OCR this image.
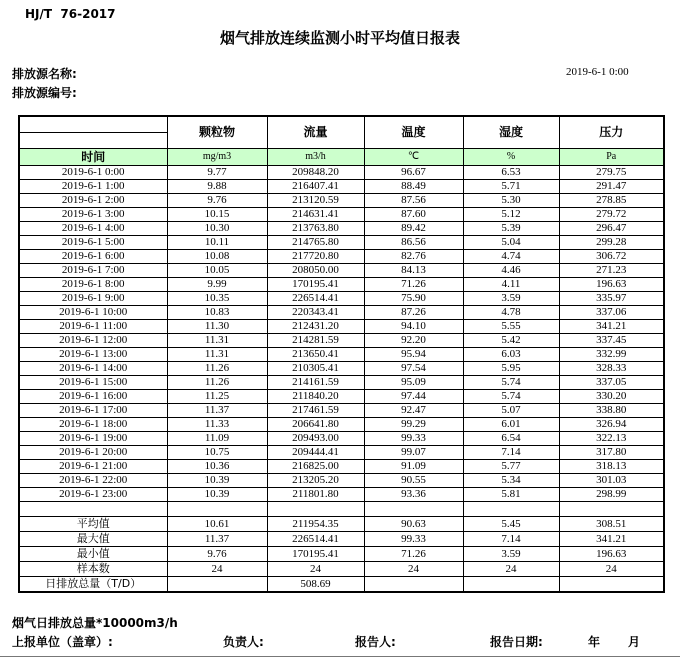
HJ/T  76-2017
烟气排放连续监测小时平均值日报表
排放源名称:	2019-6-1 0:00
排放源编号:
	颗粒物	流量	温度	湿度	压力

时间	mg/m3	m3/h	℃	%	Pa
2019-6-1 0:00	9.77	209848.20	96.67	6.53	279.75
2019-6-1 1:00	9.88	216407.41	88.49	5.71	291.47
2019-6-1 2:00	9.76	213120.59	87.56	5.30	278.85
2019-6-1 3:00	10.15	214631.41	87.60	5.12	279.72
2019-6-1 4:00	10.30	213763.80	89.42	5.39	296.47
2019-6-1 5:00	10.11	214765.80	86.56	5.04	299.28
2019-6-1 6:00	10.08	217720.80	82.76	4.74	306.72
2019-6-1 7:00	10.05	208050.00	84.13	4.46	271.23
2019-6-1 8:00	9.99	170195.41	71.26	4.11	196.63
2019-6-1 9:00	10.35	226514.41	75.90	3.59	335.97
2019-6-1 10:00	10.83	220343.41	87.26	4.78	337.06
2019-6-1 11:00	11.30	212431.20	94.10	5.55	341.21
2019-6-1 12:00	11.31	214281.59	92.20	5.42	337.45
2019-6-1 13:00	11.31	213650.41	95.94	6.03	332.99
2019-6-1 14:00	11.26	210305.41	97.54	5.95	328.33
2019-6-1 15:00	11.26	214161.59	95.09	5.74	337.05
2019-6-1 16:00	11.25	211840.20	97.44	5.74	330.20
2019-6-1 17:00	11.37	217461.59	92.47	5.07	338.80
2019-6-1 18:00	11.33	206641.80	99.29	6.01	326.94
2019-6-1 19:00	11.09	209493.00	99.33	6.54	322.13
2019-6-1 20:00	10.75	209444.41	99.07	7.14	317.80
2019-6-1 21:00	10.36	216825.00	91.09	5.77	318.13
2019-6-1 22:00	10.39	213205.20	90.55	5.34	301.03
2019-6-1 23:00	10.39	211801.80	93.36	5.81	298.99

平均值	10.61	211954.35	90.63	5.45	308.51
最大值	11.37	226514.41	99.33	7.14	341.21
最小值	9.76	170195.41	71.26	3.59	196.63
样本数	24	24	24	24	24
日排放总量（T/D）		508.69			
烟气日排放总量*10000m3/h
上报单位（盖章）:	负责人:	报告人:	报告日期:	年 月
